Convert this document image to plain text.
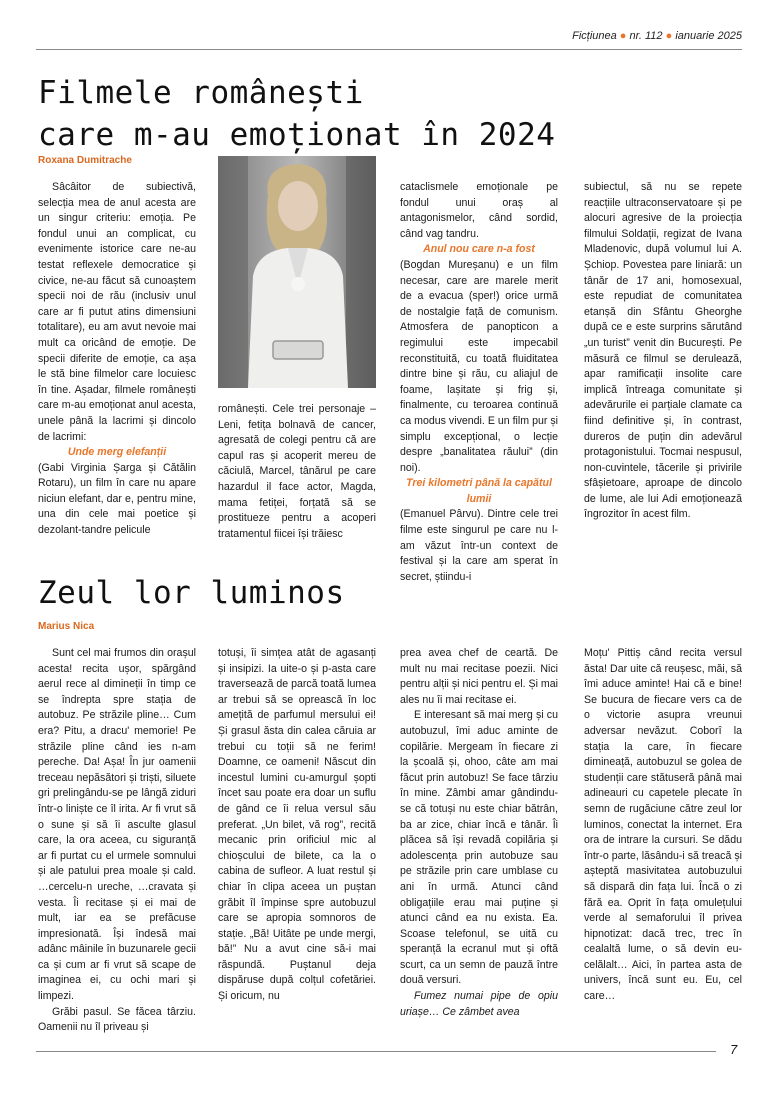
Ficțiunea ● nr. 112 ● ianuarie 2025
Filmele românești
care m-au emoționat în 2024
Roxana Dumitrache

Sâcâitor de subiectivă, selecția mea de anul acesta are un singur criteriu: emoția. Pe fondul unui an complicat, cu evenimente istorice care ne-au testat reflexele democratice și civice, ne-au făcut să cunoaștem specii noi de rău (inclusiv unul care ar fi putut atins dimensiuni totalitare), eu am avut nevoie mai mult ca oricând de emoție. De specii diferite de emoție, ca așa le stă bine filmelor care locuiesc în tine. Așadar, filmele românești care m-au emoționat anul acesta, unele până la lacrimi și dincolo de lacrimi:

Unde merg elefanții

(Gabi Virginia Șarga și Cătălin Rotaru), un film în care nu apare niciun elefant, dar e, pentru mine, una din cele mai poetice și dezolant-tandre pelicule

românești. Cele trei personaje – Leni, fetița bolnavă de cancer, agresată de colegi pentru că are capul ras și acoperit mereu de căciulă, Marcel, tânărul pe care hazardul il face actor, Magda, mama fetiței, forțată să se prostitueze pentru a acoperi tratamentul fiicei își trăiesc

cataclismele emoționale pe fondul unui oraș al antagonismelor, când sordid, când vag tandru.

Anul nou care n-a fost

(Bogdan Mureșanu) e un film necesar, care are marele merit de a evacua (sper!) orice urmă de nostalgie față de comunism. Atmosfera de panopticon a regimului este impecabil reconstituită, cu toată fluiditatea dintre bine și rău, cu aliajul de foame, lașitate și frig și, finalmente, cu teroarea continuă ca modus vivendi. E un film pur și simplu excepțional, o lecție despre „banalitatea răului” (din noi).

Trei kilometri până la capătul lumii

(Emanuel Pârvu). Dintre cele trei filme este singurul pe care nu l-am văzut într-un context de festival și la care am sperat în secret, știindu-i

subiectul, să nu se repete reacțiile ultraconservatoare și pe alocuri agresive de la proiecția filmului Soldații, regizat de Ivana Mladenovic, după volumul lui A. Șchiop. Povestea pare liniară: un tânăr de 17 ani, homosexual, este repudiat de comunitatea etanșă din Sfântu Gheorghe după ce e este surprins sărutând „un turist” venit din București. Pe măsură ce filmul se derulează, apar ramificații insolite care implică întreaga comunitate și adevărurile ei parțiale clamate ca fiind definitive și, în contrast, dureros de puțin din adevărul protagonistului. Tocmai nespusul, non-cuvintele, tăcerile și privirile sfâșietoare, aproape de dincolo de lume, ale lui Adi emoționează îngrozitor în acest film.

Zeul lor luminos
Marius Nica

Sunt cel mai frumos din orașul acesta! recita ușor, spărgând aerul rece al dimineții în timp ce se îndrepta spre stația de autobuz. Pe străzile pline… Cum era? Pitu, a dracu' memorie! Pe străzile pline când ies n-am pereche. Da! Așa! În jur oamenii treceau nepăsători și triști, siluete gri prelingându-se pe lângă ziduri într-o liniște ce îl irita. Ar fi vrut să o sune și să îi asculte glasul care, la ora aceea, cu siguranță ar fi purtat cu el urmele somnului și ale patului prea moale și cald. …cercelu-n ureche, …cravata și vesta. Îi recitase și ei mai de mult, iar ea se prefăcuse impresionată. Își îndesă mai adânc mâinile în buzunarele gecii ca și cum ar fi vrut să scape de imaginea ei, cu ochi mari și limpezi.

Grăbi pasul. Se făcea târziu. Oamenii nu îl priveau și

totuși, îi simțea atât de agasanți și insipizi. Ia uite-o și p-asta care traversează de parcă toată lumea ar trebui să se oprească în loc amețită de parfumul mersului ei! Și grasul ăsta din calea căruia ar trebui cu toții să ne ferim! Doamne, ce oameni! Născut din incestul lumini cu-amurgul șopti încet sau poate era doar un suflu de gând ce îi relua versul său preferat. „Un bilet, vă rog”, recită mecanic prin orificiul mic al chioșcului de bilete, ca la o cabina de sufleor. A luat restul și chiar în clipa aceea un puștan grăbit îl împinse spre autobuzul care se apropia somnoros de stație. „Bă! Uitâte pe unde mergi, bă!” Nu a avut cine să-i mai răspundă. Puștanul deja dispăruse după colțul cofetăriei. Și oricum, nu

prea avea chef de ceartă. De mult nu mai recitase poezii. Nici pentru alții și nici pentru el. Și mai ales nu îi mai recitase ei.

E interesant să mai merg și cu autobuzul, îmi aduc aminte de copilărie. Mergeam în fiecare zi la școală și, ohoo, câte am mai făcut prin autobuz! Se face târziu în mine. Zâmbi amar gândindu-se că totuși nu este chiar bătrân, ba ar zice, chiar încă e tânăr. Îi plăcea să își revadă copilăria și adolescența prin autobuze sau pe străzile prin care umblase cu ani în urmă. Atunci când obligațiile erau mai puține și atunci când ea nu exista. Ea. Scoase telefonul, se uită cu speranță la ecranul mut și oftă scurt, ca un semn de pauză între două versuri.

Fumez numai pipe de opiu uriașe… Ce zâmbet avea

Moțu' Pittiș când recita versul ăsta! Dar uite că reușesc, măi, să îmi aduce aminte! Hai că e bine! Se bucura de fiecare vers ca de o victorie asupra vreunui adversar nevăzut. Coborî la stația la care, în fiecare dimineață, autobuzul se golea de studenții care stătuseră până mai adineauri cu capetele plecate în semn de rugăciune către zeul lor luminos, conectat la internet. Era ora de intrare la cursuri. Se dădu într-o parte, lăsându-i să treacă și așteptă masivitatea autobuzului să dispară din fața lui. Încă o zi fără ea. Oprit în fața omulețului verde al semaforului îl privea hipnotizat: dacă trec, trec în cealaltă lume, o să devin eu-celălalt… Aici, în partea asta de univers, încă sunt eu. Eu, cel care…

7
